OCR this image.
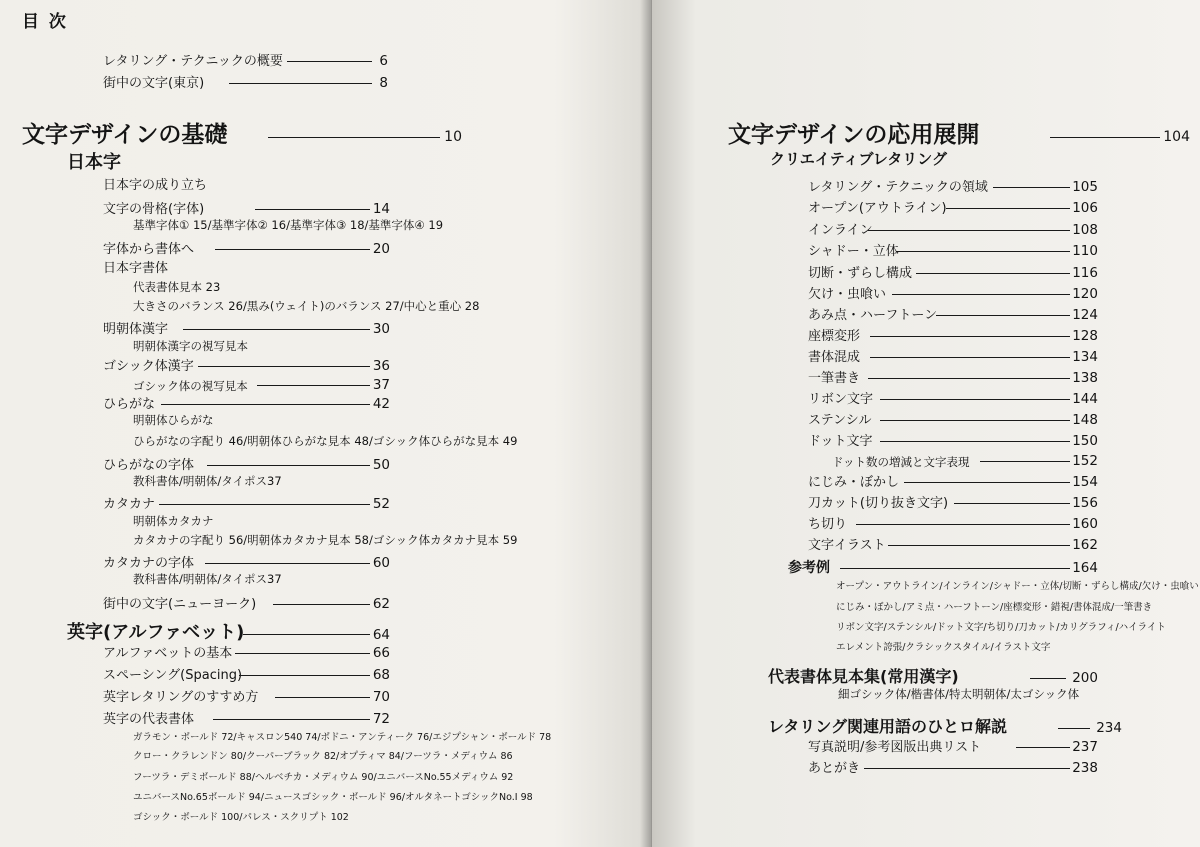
目 次
レタリング・テクニックの概要	6
街中の文字(東京)	8
文字デザインの基礎	10
日本字
日本字の成り立ち
文字の骨格(字体)	14
基準字体① 15/基準字体② 16/基準字体③ 18/基準字体④ 19
字体から書体へ	20
日本字書体
代表書体見本 23
大きさのバランス 26/黒み(ウェイト)のバランス 27/中心と重心 28
明朝体漢字	30
明朝体漢字の視写見本
ゴシック体漢字	36
ゴシック体の視写見本	37
ひらがな	42
明朝体ひらがな
ひらがなの字配り 46/明朝体ひらがな見本 48/ゴシック体ひらがな見本 49
ひらがなの字体	50
教科書体/明朝体/タイポス37
カタカナ	52
明朝体カタカナ
カタカナの字配り 56/明朝体カタカナ見本 58/ゴシック体カタカナ見本 59
カタカナの字体	60
教科書体/明朝体/タイポス37
街中の文字(ニューヨーク)	62
英字(アルファベット)	64
アルファベットの基本	66
スペーシング(Spacing)	68
英字レタリングのすすめ方	70
英字の代表書体	72
ガラモン・ボールド 72/キャスロン540 74/ボドニ・アンティーク 76/エジプシャン・ボールド 78
クロー・クラレンドン 80/クーパーブラック 82/オプティマ 84/フーツラ・メディウム 86
フーツラ・デミボールド 88/ヘルベチカ・メディウム 90/ユニバースNo.55メディウム 92
ユニバースNo.65ボールド 94/ニュースゴシック・ボールド 96/オルタネートゴシックNo.I 98
ゴシック・ボールド 100/パレス・スクリプト 102
文字デザインの応用展開	104
クリエイティブレタリング
レタリング・テクニックの領域	105
オープン(アウトライン)	106
インライン	108
シャドー・立体	110
切断・ずらし構成	116
欠け・虫喰い	120
あみ点・ハーフトーン	124
座標変形	128
書体混成	134
一筆書き	138
リボン文字	144
ステンシル	148
ドット文字	150
ドット数の増減と文字表現	152
にじみ・ぼかし	154
刀カット(切り抜き文字)	156
ち切り	160
文字イラスト	162
参考例	164
オープン・アウトライン/インライン/シャドー・立体/切断・ずらし構成/欠け・虫喰い
にじみ・ぼかし/アミ点・ハーフトーン/座標変形・錯視/書体混成/一筆書き
リボン文字/ステンシル/ドット文字/ち切り/刀カット/カリグラフィ/ハイライト
エレメント誇張/クラシックスタイル/イラスト文字
代表書体見本集(常用漢字)	200
細ゴシック体/楷書体/特太明朝体/太ゴシック体
レタリング関連用語のひとロ解説	234
写真説明/参考図版出典リスト	237
あとがき	238
